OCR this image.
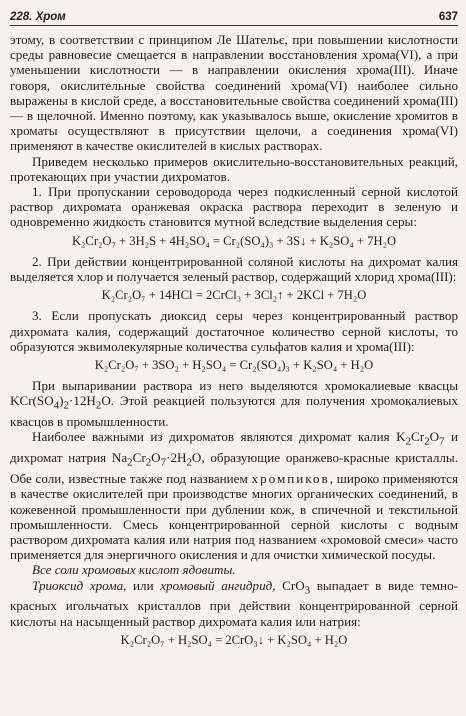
228. Хром	637

этому, в соответствии с принципом Ле Шательє, при повышении кислотности среды равновесие смещается в направлении восстановления хрома(VI), а при уменьшении кислотности — в направлении окисления хрома(III). Иначе говоря, окислительные свойства соединений хрома(VI) наиболее сильно выражены в кислой среде, а восстановительные свойства соединений хрома(III) — в щелочной. Именно поэтому, как указывалось выше, окисление хромитов в хроматы осуществляют в присутствии щелочи, а соединения хрома(VI) применяют в качестве окислителей в кислых растворах.

Приведем несколько примеров окислительно-восстановительных реакций, протекающих при участии дихроматов.

1. При пропускании сероводорода через подкисленный серной кислотой раствор дихромата оранжевая окраска раствора переходит в зеленую и одновременно жидкость становится мутной вследствие выделения серы:

K₂Cr₂O₇ + 3H₂S + 4H₂SO₄ = Cr₂(SO₄)₃ + 3S↓ + K₂SO₄ + 7H₂O

2. При действии концентрированной соляной кислоты на дихромат калия выделяется хлор и получается зеленый раствор, содержащий хлорид хрома(III):

K₂Cr₂O₇ + 14HCl = 2CrCl₃ + 3Cl₂↑ + 2KCl + 7H₂O

3. Если пропускать диоксид серы через концентрированный раствор дихромата калия, содержащий достаточное количество серной кислоты, то образуются эквимолекулярные количества сульфатов калия и хрома(III):

K₂Cr₂O₇ + 3SO₂ + H₂SO₄ = Cr₂(SO₄)₃ + K₂SO₄ + H₂O

При выпаривании раствора из него выделяются хромокалиевые квасцы $KCr(SO_4)_2\cdot 12H_2O$. Этой реакцией пользуются для получения хромокалиевых квасцов в промышленности.

Наиболее важными из дихроматов являются дихромат калия $K_2Cr_2O_7$ и дихромат натрия $Na_2Cr_2O_7\cdot 2H_2O$, образующие оранжево-красные кристаллы. Обе соли, известные также под названием хромпиков, широко применяются в качестве окислителей при производстве многих органических соединений, в кожевенной промышленности при дублении кож, в спичечной и текстильной промышленности. Смесь концентрированной серной кислоты с водным раствором дихромата калия или натрия под названием «хромовой смеси» часто применяется для энергичного окисления и для очистки химической посуды.

Все соли хромовых кислот ядовиты.

Триоксид хрома, или хромовый ангидрид, CrO$_3$ выпадает в виде темно-красных игольчатых кристаллов при действии концентрированной серной кислоты на насыщенный раствор дихромата калия или натрия:

K₂Cr₂O₇ + H₂SO₄ = 2CrO₃↓ + K₂SO₄ + H₂O
